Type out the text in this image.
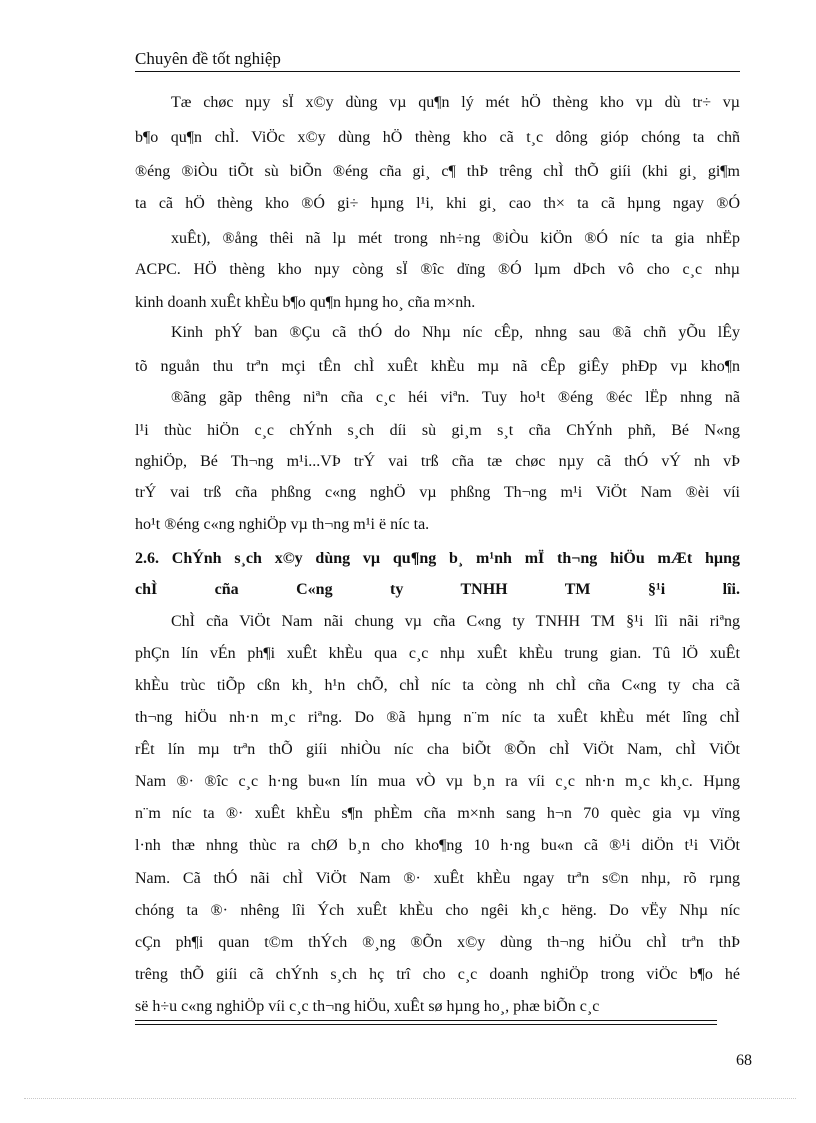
Chuyên đề tốt nghiệp
Tæ chøc nµy sÏ x©y dùng vµ qu¶n lý mét hÖ thèng kho vµ dù tr÷ vµ
b¶o qu¶n chÌ. ViÖc x©y dùng hÖ thèng kho cã t¸c dông gióp chóng ta chñ
®éng ®iÒu tiÕt sù biÕn ®éng cña gi¸ c¶ thÞ trêng chÌ thÕ giíi (khi gi¸ gi¶m
ta cã hÖ thèng kho ®Ó gi÷ hµng l¹i, khi gi¸ cao th× ta cã hµng ngay ®Ó
xuÊt), ®ång thêi nã lµ mét trong nh÷ng ®iÒu kiÖn ®Ó níc ta gia nhËp
ACPC. HÖ thèng kho nµy còng sÏ ®îc dïng ®Ó lµm dÞch vô cho c¸c nhµ
kinh doanh xuÊt khÈu b¶o qu¶n hµng ho¸ cña m×nh.
Kinh phÝ ban ®Çu cã thÓ do Nhµ níc cÊp, nhng sau ®ã chñ yÕu lÊy
tõ nguån thu trªn mçi tÊn chÌ xuÊt khÈu mµ nã cÊp giÊy phÐp vµ kho¶n
®ãng gãp thêng niªn cña c¸c héi viªn. Tuy ho¹t ®éng ®éc lËp nhng nã
l¹i thùc hiÖn c¸c chÝnh s¸ch díi sù gi¸m s¸t cña ChÝnh phñ, Bé N«ng
nghiÖp, Bé Th¬ng m¹i...VÞ trÝ vai trß cña tæ chøc nµy cã thÓ vÝ nh vÞ
trÝ vai trß cña phßng c«ng nghÖ vµ phßng Th¬ng m¹i ViÖt Nam ®èi víi
ho¹t ®éng c«ng nghiÖp vµ th¬ng m¹i ë níc ta.
2.6. ChÝnh s¸ch x©y dùng vµ qu¶ng b¸ m¹nh mÏ th¬ng hiÖu mÆt hµng
chÌ cña C«ng ty TNHH TM §¹i lîi.
ChÌ cña ViÖt Nam nãi chung vµ cña C«ng ty TNHH TM §¹i lîi nãi riªng
phÇn lín vÉn ph¶i xuÊt khÈu qua c¸c nhµ xuÊt khÈu trung gian. Tû lÖ xuÊt
khÈu trùc tiÕp cßn kh¸ h¹n chÕ, chÌ níc ta còng nh chÌ cña C«ng ty cha cã
th¬ng hiÖu nh·n m¸c riªng. Do ®ã hµng n¨m níc ta xuÊt khÈu mét lîng chÌ
rÊt lín mµ trªn thÕ giíi nhiÒu níc cha biÕt ®Õn chÌ ViÖt Nam, chÌ ViÖt
Nam ®· ®îc c¸c h·ng bu«n lín mua vÒ vµ b¸n ra víi c¸c nh·n m¸c kh¸c. Hµng
n¨m níc ta ®· xuÊt khÈu s¶n phÈm cña m×nh sang h¬n 70 quèc gia vµ vïng
l·nh thæ nhng thùc ra chØ b¸n cho kho¶ng 10 h·ng bu«n cã ®¹i diÖn t¹i ViÖt
Nam. Cã thÓ nãi chÌ ViÖt Nam ®· xuÊt khÈu ngay trªn s©n nhµ, rõ rµng
chóng ta ®· nhêng lîi Ých xuÊt khÈu cho ngêi kh¸c hëng. Do vËy Nhµ níc
cÇn ph¶i quan t©m thÝch ®¸ng ®Õn x©y dùng th¬ng hiÖu chÌ trªn thÞ
trêng thÕ giíi cã chÝnh s¸ch hç trî cho c¸c doanh nghiÖp trong viÖc b¶o hé
së h÷u c«ng nghiÖp víi c¸c th¬ng hiÖu, xuÊt sø hµng ho¸, phæ biÕn c¸c
68
